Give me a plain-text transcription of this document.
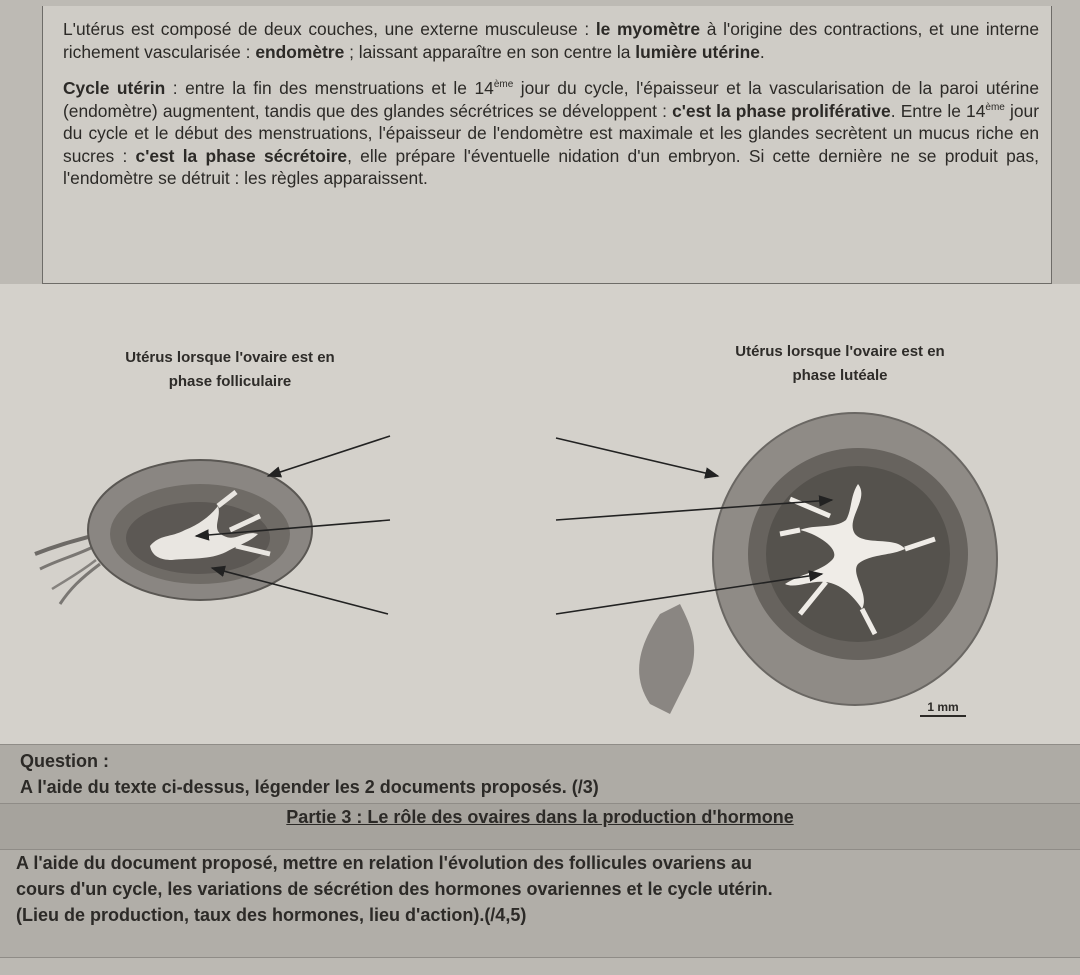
L'utérus est composé de deux couches, une externe musculeuse : le myomètre à l'origine des contractions, et une interne richement vascularisée : endomètre ; laissant apparaître en son centre la lumière utérine.

Cycle utérin : entre la fin des menstruations et le 14ème jour du cycle, l'épaisseur et la vascularisation de la paroi utérine (endomètre) augmentent, tandis que des glandes sécrétrices se développent : c'est la phase proliférative. Entre le 14ème jour du cycle et le début des menstruations, l'épaisseur de l'endomètre est maximale et les glandes secrètent un mucus riche en sucres : c'est la phase sécrétoire, elle prépare l'éventuelle nidation d'un embryon. Si cette dernière ne se produit pas, l'endomètre se détruit : les règles apparaissent.

Utérus lorsque l'ovaire est en
phase folliculaire
Utérus lorsque l'ovaire est en
phase lutéale
1 mm
Question :
A l'aide du texte ci-dessus, légender les 2 documents proposés. (/3)
Partie 3 : Le rôle des ovaires dans la production d'hormone
A l'aide du document proposé, mettre en relation l'évolution des follicules ovariens au
cours d'un cycle, les variations de sécrétion des hormones ovariennes et le cycle utérin.
(Lieu de production, taux des hormones, lieu d'action).(/4,5)
